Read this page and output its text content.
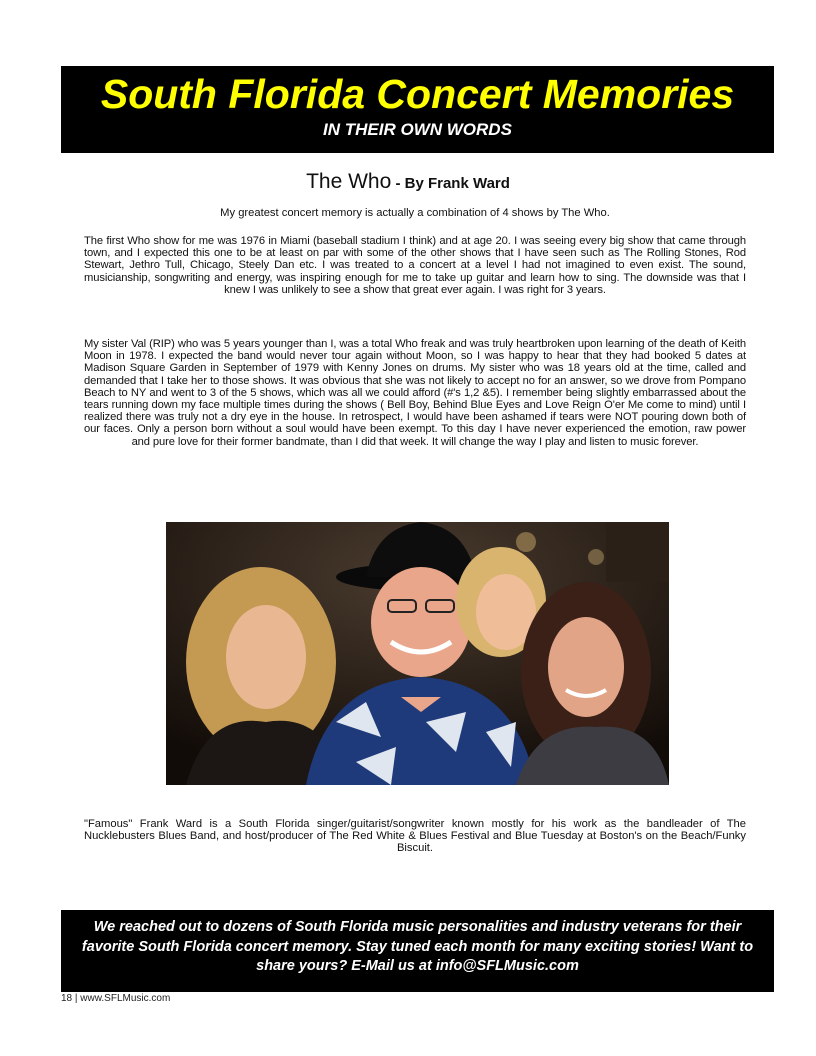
South Florida Concert Memories
IN THEIR OWN WORDS
The Who - By Frank Ward
My greatest concert memory is actually a combination of 4 shows by The Who.
The first Who show for me was 1976 in Miami (baseball stadium I think) and at age 20. I was seeing every big show that came through town, and I expected this one to be at least on par with some of the other shows that I have seen such as The Rolling Stones, Rod Stewart, Jethro Tull, Chicago, Steely Dan etc. I was treated to a concert at a level I had not imagined to even exist. The sound, musicianship, songwriting and energy, was inspiring enough for me to take up guitar and learn how to sing. The downside was that I knew I was unlikely to see a show that great ever again. I was right for 3 years.
My sister Val (RIP) who was 5 years younger than I, was a total Who freak and was truly heartbroken upon learning of the death of Keith Moon in 1978. I expected the band would never tour again without Moon, so I was happy to hear that they had booked 5 dates at Madison Square Garden in September of 1979 with Kenny Jones on drums. My sister who was 18 years old at the time, called and demanded that I take her to those shows. It was obvious that she was not likely to accept no for an answer, so we drove from Pompano Beach to NY and went to 3 of the 5 shows, which was all we could afford (#'s 1,2 &5). I remember being slightly embarrassed about the tears running down my face multiple times during the shows ( Bell Boy, Behind Blue Eyes and Love Reign O'er Me come to mind) until I realized there was truly not a dry eye in the house. In retrospect, I would have been ashamed if tears were NOT pouring down both of our faces. Only a person born without a soul would have been exempt. To this day I have never experienced the emotion, raw power and pure love for their former bandmate, than I did that week. It will change the way I play and listen to music forever.
"Famous" Frank Ward is a South Florida singer/guitarist/songwriter known mostly for his work as the bandleader of The Nucklebusters Blues Band, and host/producer of The Red White & Blues Festival and Blue Tuesday at Boston's on the Beach/Funky Biscuit.

We reached out to dozens of South Florida music personalities and industry veterans for their favorite South Florida concert memory. Stay tuned each month for many exciting stories! Want to share yours? E-Mail us at info@SFLMusic.com

18 | www.SFLMusic.com
